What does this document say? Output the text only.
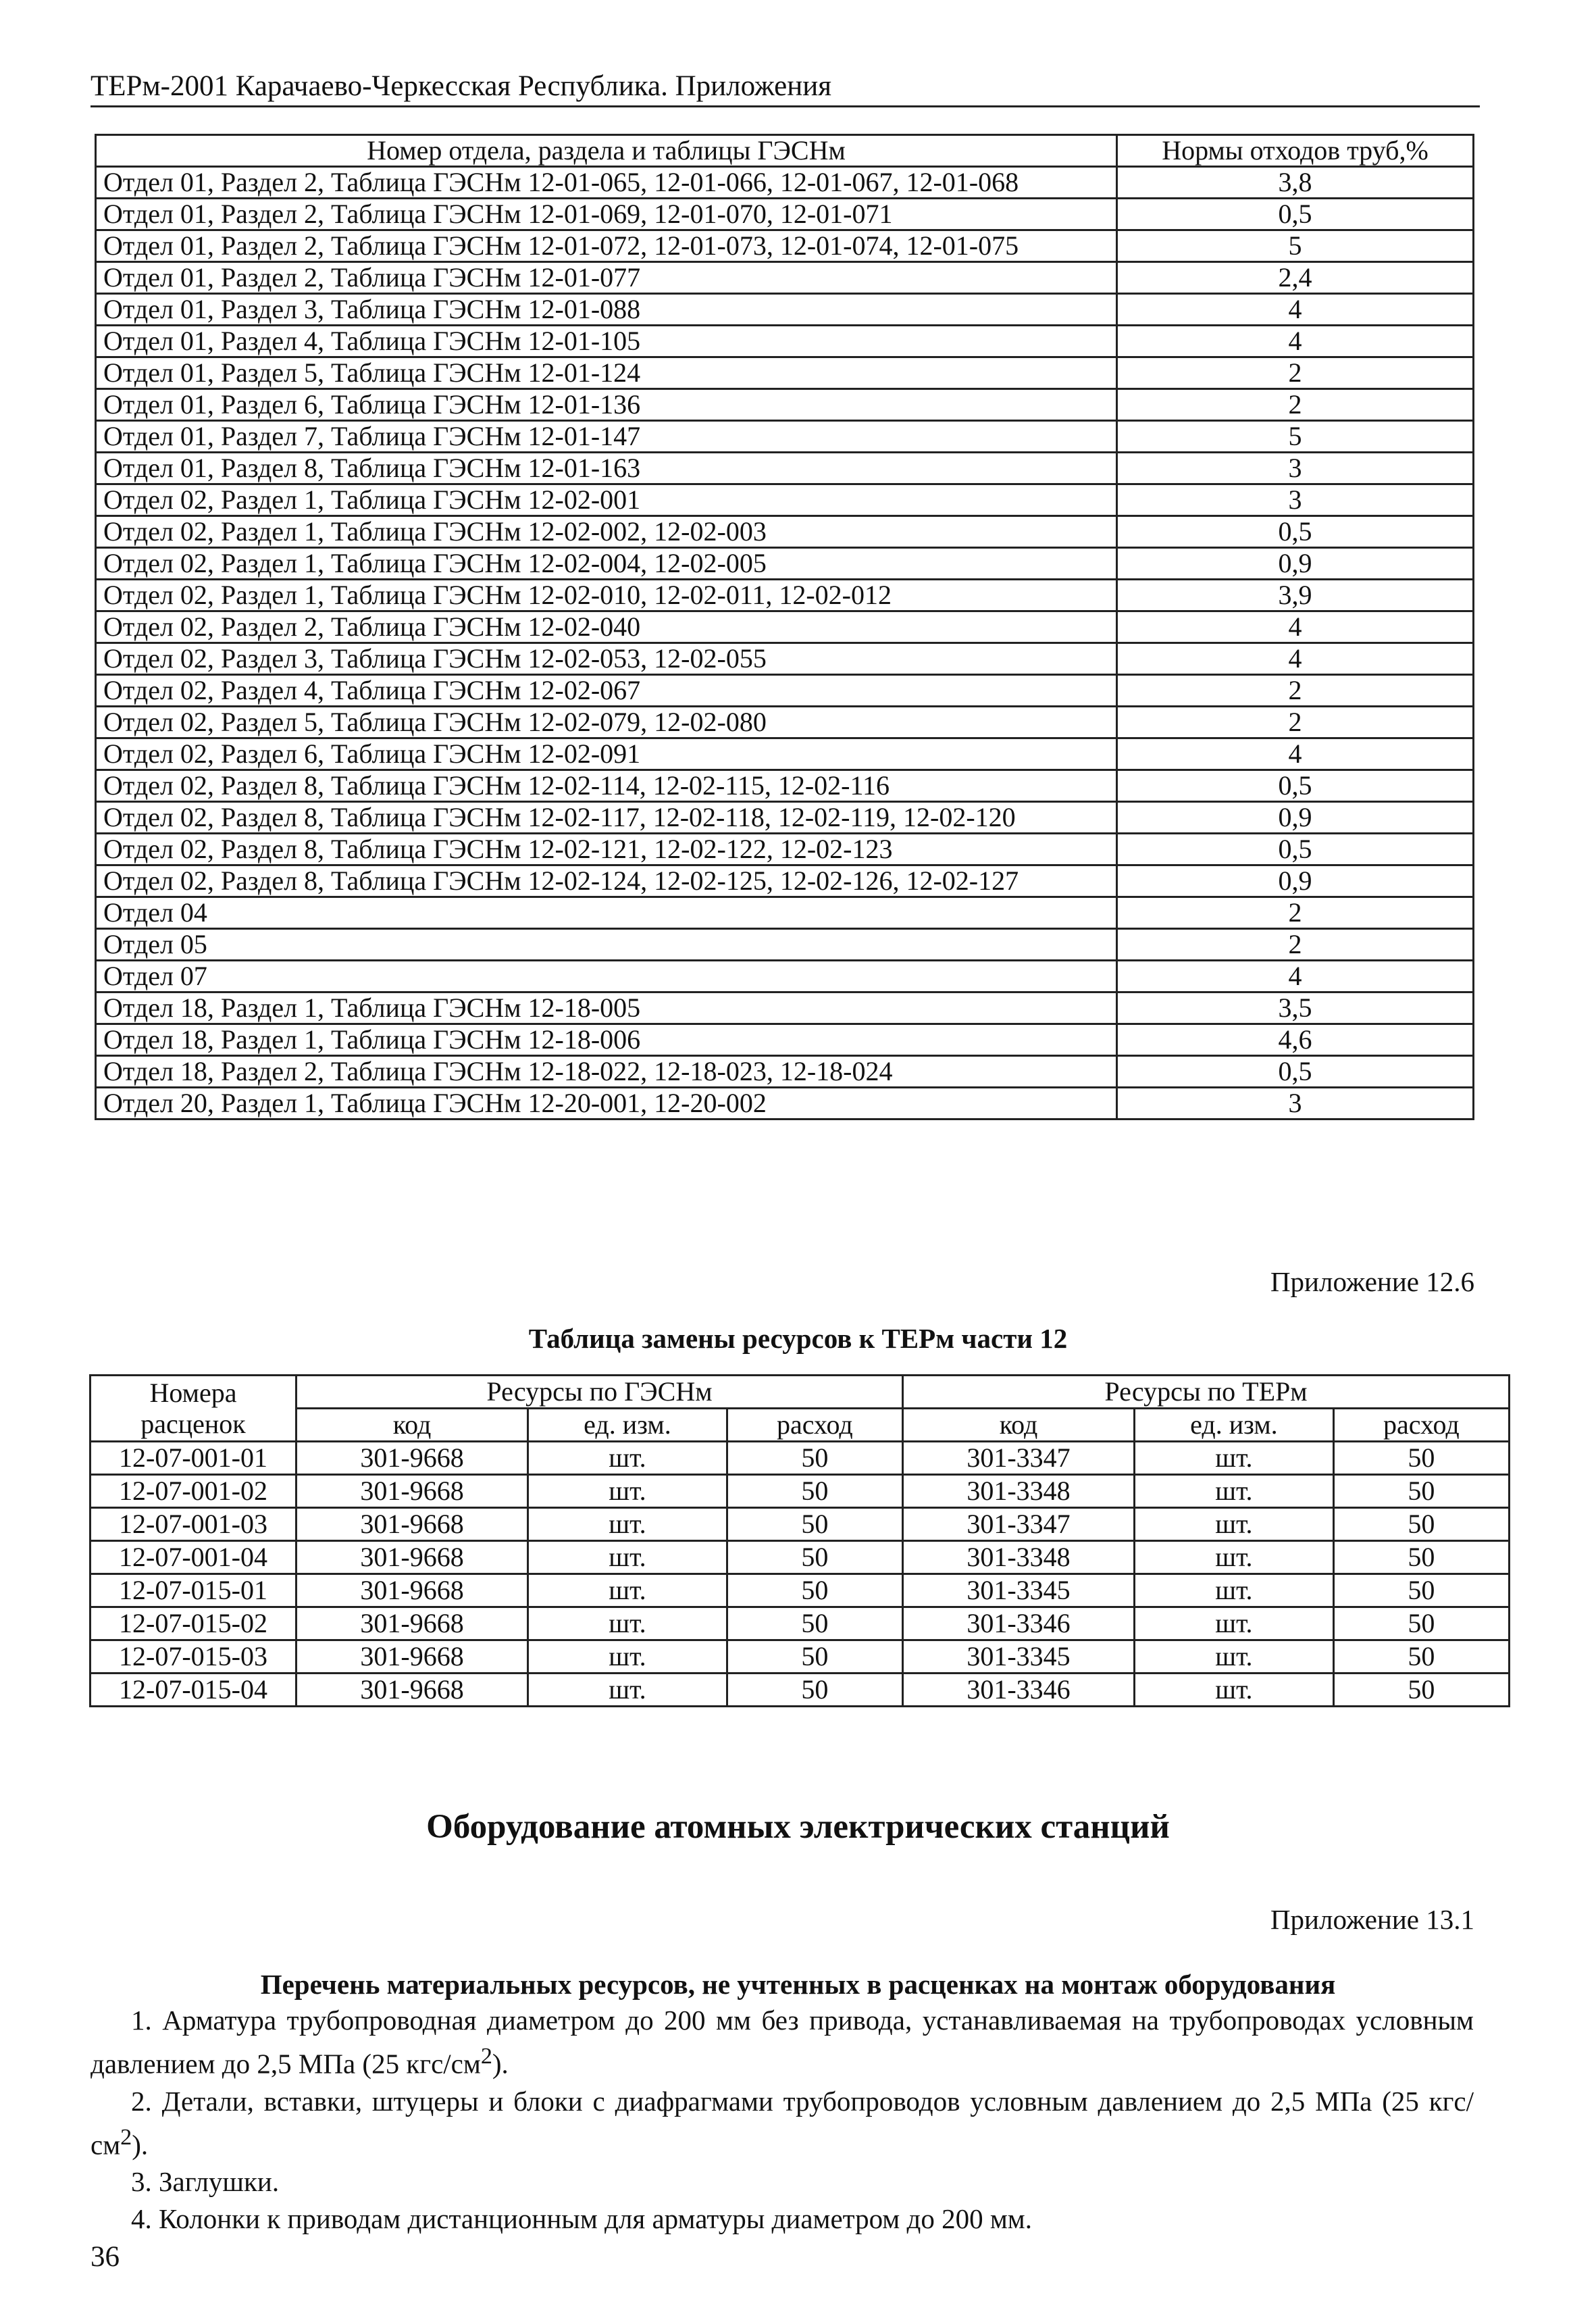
ТЕРм-2001 Карачаево-Черкесская Республика. Приложения
Номер отдела, раздела и таблицы ГЭСНм	Нормы отходов труб,%
Отдел 01, Раздел 2, Таблица ГЭСНм 12-01-065, 12-01-066, 12-01-067, 12-01-068	3,8
Отдел 01, Раздел 2, Таблица ГЭСНм 12-01-069, 12-01-070, 12-01-071	0,5
Отдел 01, Раздел 2, Таблица ГЭСНм 12-01-072, 12-01-073, 12-01-074, 12-01-075	5
Отдел 01, Раздел 2, Таблица ГЭСНм 12-01-077	2,4
Отдел 01, Раздел 3, Таблица ГЭСНм 12-01-088	4
Отдел 01, Раздел 4, Таблица ГЭСНм 12-01-105	4
Отдел 01, Раздел 5, Таблица ГЭСНм 12-01-124	2
Отдел 01, Раздел 6, Таблица ГЭСНм 12-01-136	2
Отдел 01, Раздел 7, Таблица ГЭСНм 12-01-147	5
Отдел 01, Раздел 8, Таблица ГЭСНм 12-01-163	3
Отдел 02, Раздел 1, Таблица ГЭСНм 12-02-001	3
Отдел 02, Раздел 1, Таблица ГЭСНм 12-02-002, 12-02-003	0,5
Отдел 02, Раздел 1, Таблица ГЭСНм 12-02-004, 12-02-005	0,9
Отдел 02, Раздел 1, Таблица ГЭСНм 12-02-010, 12-02-011, 12-02-012	3,9
Отдел 02, Раздел 2, Таблица ГЭСНм 12-02-040	4
Отдел 02, Раздел 3, Таблица ГЭСНм 12-02-053, 12-02-055	4
Отдел 02, Раздел 4, Таблица ГЭСНм 12-02-067	2
Отдел 02, Раздел 5, Таблица ГЭСНм 12-02-079, 12-02-080	2
Отдел 02, Раздел 6, Таблица ГЭСНм 12-02-091	4
Отдел 02, Раздел 8, Таблица ГЭСНм 12-02-114, 12-02-115, 12-02-116	0,5
Отдел 02, Раздел 8, Таблица ГЭСНм 12-02-117, 12-02-118, 12-02-119, 12-02-120	0,9
Отдел 02, Раздел 8, Таблица ГЭСНм 12-02-121, 12-02-122, 12-02-123	0,5
Отдел 02, Раздел 8, Таблица ГЭСНм 12-02-124, 12-02-125, 12-02-126, 12-02-127	0,9
Отдел 04	2
Отдел 05	2
Отдел 07	4
Отдел 18, Раздел 1, Таблица ГЭСНм 12-18-005	3,5
Отдел 18, Раздел 1, Таблица ГЭСНм 12-18-006	4,6
Отдел 18, Раздел 2, Таблица ГЭСНм 12-18-022, 12-18-023, 12-18-024	0,5
Отдел 20, Раздел 1, Таблица ГЭСНм 12-20-001, 12-20-002	3
Приложение 12.6
Таблица замены ресурсов к ТЕРм части 12
Номера расценок	Ресурсы по ГЭСНм			Ресурсы по ТЕРм		
	код	ед. изм.	расход	код	ед. изм.	расход
12-07-001-01	301-9668	шт.	50	301-3347	шт.	50
12-07-001-02	301-9668	шт.	50	301-3348	шт.	50
12-07-001-03	301-9668	шт.	50	301-3347	шт.	50
12-07-001-04	301-9668	шт.	50	301-3348	шт.	50
12-07-015-01	301-9668	шт.	50	301-3345	шт.	50
12-07-015-02	301-9668	шт.	50	301-3346	шт.	50
12-07-015-03	301-9668	шт.	50	301-3345	шт.	50
12-07-015-04	301-9668	шт.	50	301-3346	шт.	50
Оборудование атомных электрических станций
Приложение 13.1
Перечень материальных ресурсов, не учтенных в расценках на монтаж оборудования

1. Арматура трубопроводная диаметром до 200 мм без привода, устанавливаемая на трубопроводах условным давлением до 2,5 МПа (25 кгс/$см^2$).

2. Детали, вставки, штуцеры и блоки с диафрагмами трубопроводов условным давлением до 2,5 МПа (25 кгс/$см^2$).

3. Заглушки.

4. Колонки к приводам дистанционным для арматуры диаметром до 200 мм.

36
